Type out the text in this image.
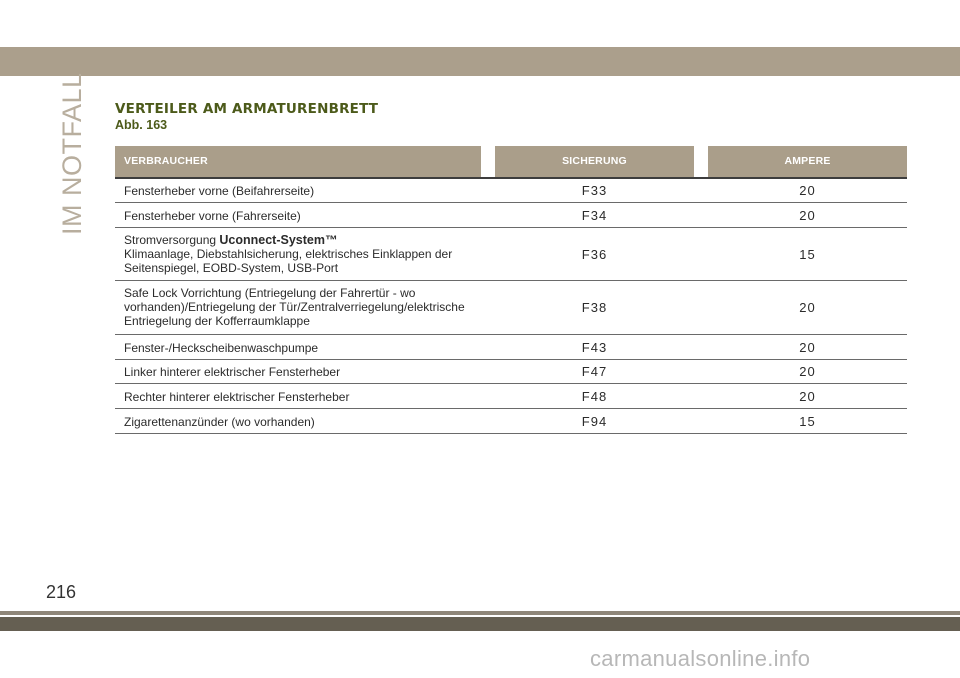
IM NOTFALL VERTEILER AM ARMATURENBRETT
Abb. 163
VERBRAUCHER	SICHERUNG	AMPERE
Fensterheber vorne (Beifahrerseite)	F33	20
Fensterheber vorne (Fahrerseite)	F34	20
Stromversorgung Uconnect-System™
Klimaanlage, Diebstahlsicherung, elektrisches Einklappen der Seitenspiegel, EOBD-System, USB-Port
F36	15
Safe Lock Vorrichtung (Entriegelung der Fahrertür - wo vorhanden)/Entriegelung der Tür/Zentralverriegelung/elektrische Entriegelung der Kofferraumklappe
F38	20
Fenster-/Heckscheibenwaschpumpe	F43	20
Linker hinterer elektrischer Fensterheber	F47	20
Rechter hinterer elektrischer Fensterheber	F48	20
Zigarettenanzünder (wo vorhanden)	F94	15
216
carmanualsonline.info
